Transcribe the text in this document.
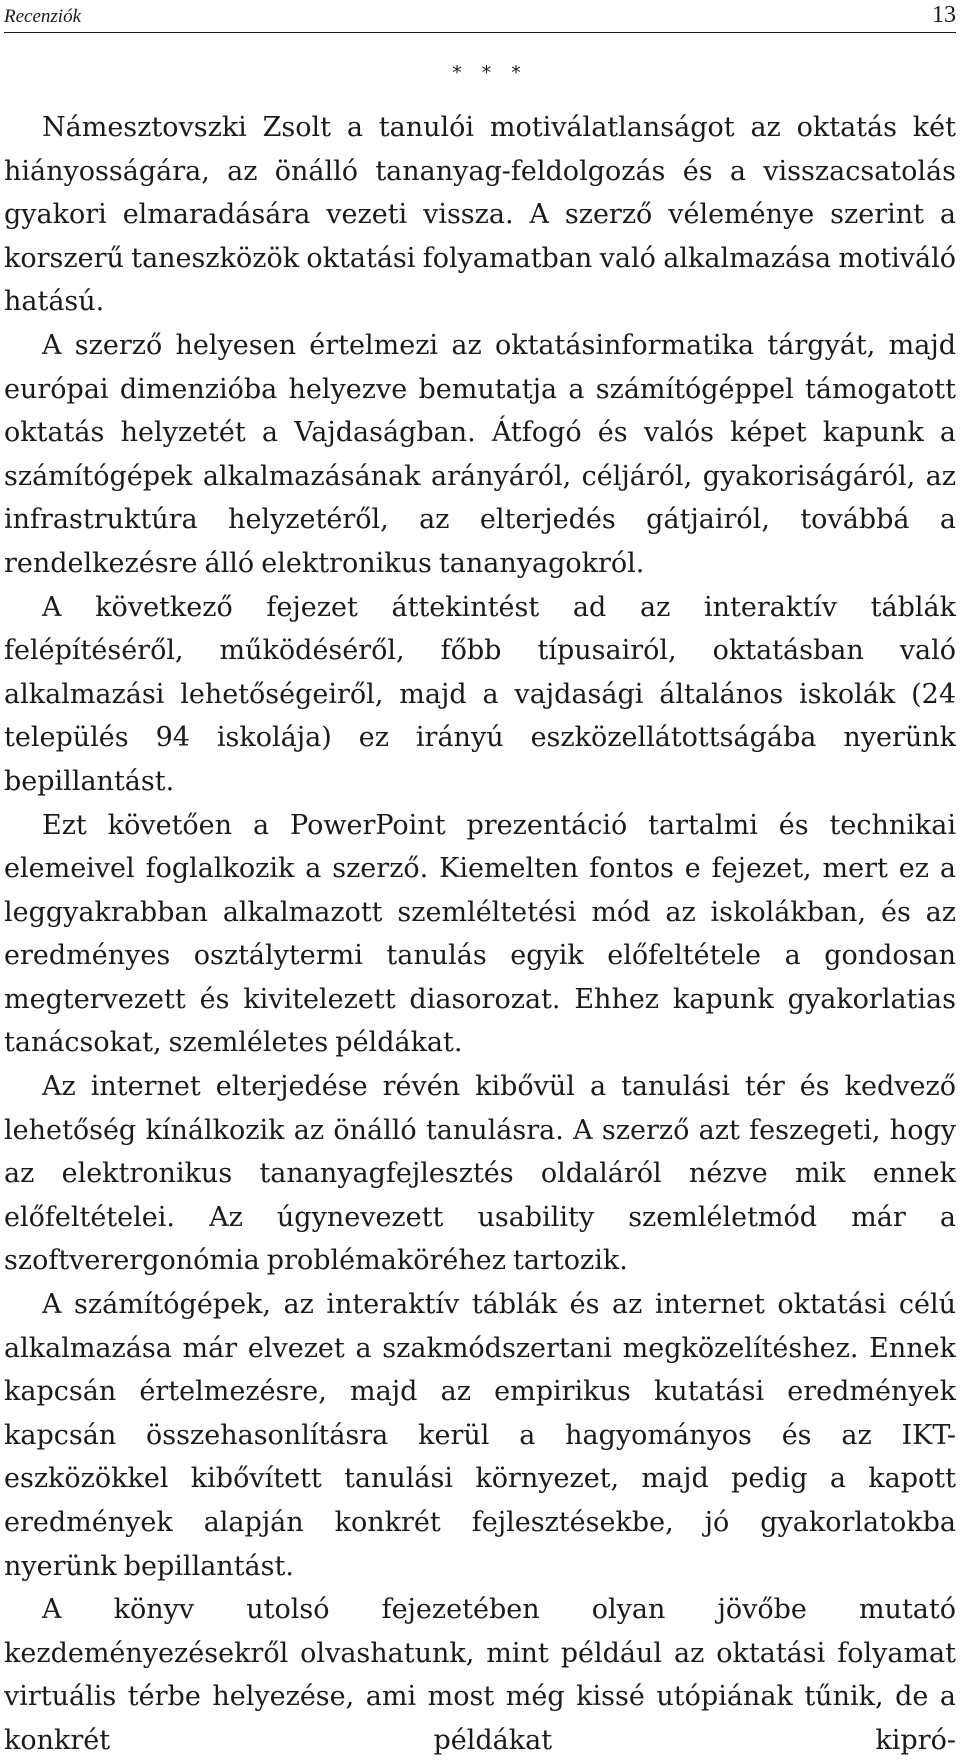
Recenziók	13
* * *

Námesztovszki Zsolt a tanulói motiválatlanságot az oktatás két hiányosságára, az önálló tananyag-feldolgozás és a visszacsatolás gyakori elmaradására vezeti vissza. A szerző véleménye szerint a korszerű taneszközök oktatási folyamatban való alkalmazása motiváló hatású.

A szerző helyesen értelmezi az oktatásinformatika tárgyát, majd európai dimenzióba helyezve bemutatja a számítógéppel támogatott oktatás helyzetét a Vajdaságban. Átfogó és valós képet kapunk a számítógépek alkalmazásának arányáról, céljáról, gyakoriságáról, az infrastruktúra helyzetéről, az elterjedés gátjairól, továbbá a rendelkezésre álló elektronikus tananyagokról.

A következő fejezet áttekintést ad az interaktív táblák felépítéséről, működéséről, főbb típusairól, oktatásban való alkalmazási lehetőségeiről, majd a vajdasági általános iskolák (24 település 94 iskolája) ez irányú eszközellátottságába nyerünk bepillantást.

Ezt követően a PowerPoint prezentáció tartalmi és technikai elemeivel foglalkozik a szerző. Kiemelten fontos e fejezet, mert ez a leggyakrabban alkalmazott szemléltetési mód az iskolákban, és az eredményes osztálytermi tanulás egyik előfeltétele a gondosan megtervezett és kivitelezett diasorozat. Ehhez kapunk gyakorlatias tanácsokat, szemléletes példákat.

Az internet elterjedése révén kibővül a tanulási tér és kedvező lehetőség kínálkozik az önálló tanulásra. A szerző azt feszegeti, hogy az elektronikus tananyagfejlesztés oldaláról nézve mik ennek előfeltételei. Az úgynevezett usability szemléletmód már a szoftverergonómia problémaköréhez tartozik.

A számítógépek, az interaktív táblák és az internet oktatási célú alkalmazása már elvezet a szakmódszertani megközelítéshez. Ennek kapcsán értelmezésre, majd az empirikus kutatási eredmények kapcsán összehasonlításra kerül a hagyományos és az IKT-eszközökkel kibővített tanulási környezet, majd pedig a kapott eredmények alapján konkrét fejlesztésekbe, jó gyakorlatokba nyerünk bepillantást.

A könyv utolsó fejezetében olyan jövőbe mutató kezdeményezésekről olvashatunk, mint például az oktatási folyamat virtuális térbe helyezése, ami most még kissé utópiának tűnik, de a konkrét példákat kipró-
